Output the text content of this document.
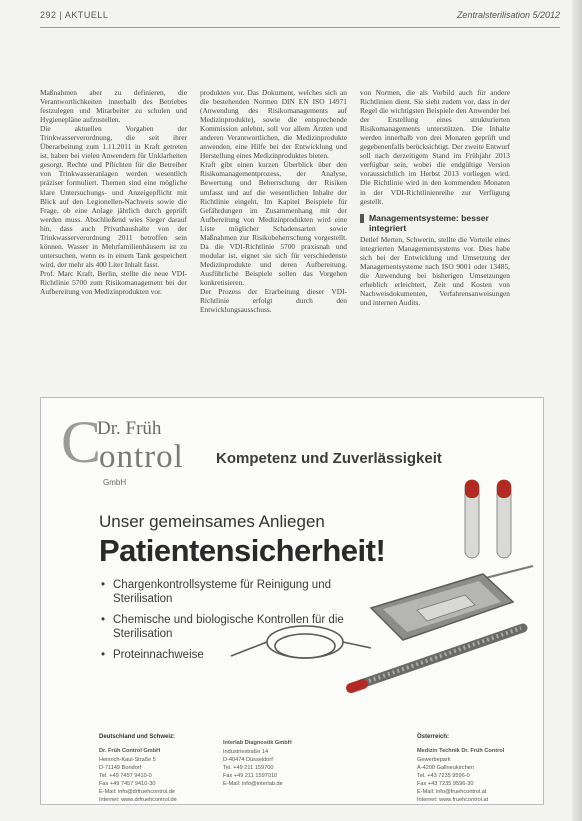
292 | AKTUELL	Zentralsterilisation 5/2012

Maßnahmen aber zu definieren, die Verantwortlichkeiten innerhalb des Betriebes festzulegen und Mitarbeiter zu schulen und Hygienepläne aufzustellen.

Die aktuellen Vorgaben der Trinkwasserverordnung, die seit ihrer Überarbeitung zum 1.11.2011 in Kraft getreten ist, haben bei vielen Anwendern für Unklarheiten gesorgt. Rechte und Pflichten für die Betreiber von Trinkwasseranlagen werden wesentlich präziser formuliert. Themen sind eine mögliche klare Untersuchungs- und Anzeigepflicht mit Blick auf den Legionellen-Nachweis sowie die Frage, ob eine Anlage jährlich durch geprüft werden muss. Abschließend wies Sieger darauf hin, dass auch Privathaushalte von der Trinkwasserverordnung 2011 betroffen sein können. Wasser in Mehrfamilienhäusern ist zu untersuchen, wenn es in einem Tank gespeichert wird, der mehr als 400 Liter Inhalt fasst.

Prof. Marc Kraft, Berlin, stellte die neue VDI-Richtlinie 5700 zum Risikomanagement bei der Aufbereitung von Medizinprodukten vor.

produkten vor. Das Dokument, welches sich an die bestehenden Normen DIN EN ISO 14971 (Anwendung des Risikomanagements auf Medizinprodukte), sowie die entsprechende Kommission anlehnt, soll vor allem Ärzten und anderen Verantwortlichen, die Medizinprodukte anwenden, eine Hilfe bei der Entwicklung und Herstellung eines Medizinproduktes bieten.

Kraft gibt einen kurzen Überblick über den Risikomanagementprozess, der Analyse, Bewertung und Beherrschung der Risiken umfasst und auf die wesentlichen Inhalte der Richtlinie eingeht. Im Kapitel Beispiele für Gefährdungen im Zusammenhang mit der Aufbereitung von Medizinprodukten wird eine Liste möglicher Schadensarten sowie Maßnahmen zur Risikobeherrschung vorgestellt. Da die VDI-Richtlinie 5700 praxisnah und modular ist, eignet sie sich für verschiedenste Medizinprodukte und deren Aufbereitung. Ausführliche Beispiele sollen das Vorgehen konkretisieren.

Der Prozess der Erarbeitung dieser VDI-Richtlinie erfolgt durch den Entwicklungsausschuss.

von Normen, die als Vorbild auch für andere Richtlinien dient. Sie sieht zudem vor, dass in der Regel die wichtigsten Beispiele den Anwender bei der Erstellung eines strukturierten Risikomanagements unterstützen. Die Inhalte werden innerhalb von drei Monaten geprüft und gegebenenfalls berücksichtigt. Der zweite Entwurf soll nach derzeitigem Stand im Frühjahr 2013 verfügbar sein, wobei die endgültige Version voraussichtlich im Herbst 2013 vorliegen wird. Die Richtlinie wird in den kommenden Monaten in der VDI-Richtlinienreihe zur Verfügung gestellt.

Managementsysteme: besser integriert

Detlef Merten, Schwerin, stellte die Vorteile eines integrierten Managementsystems vor. Dies habe sich bei der Entwicklung und Umsetzung der Managementsysteme nach ISO 9001 oder 13485, die Anwendung bei bisherigen Umsetzungen erheblich erleichtert, Zeit und Kosten von Nachweisdokumenten, Verfahrensanweisungen und internen Audits.

C
Dr. Früh
ontrol
GmbH
Kompetenz und Zuverlässigkeit
Unser gemeinsames Anliegen
Patientensicherheit!
• Chargenkontrollsysteme für Reinigung und Sterilisation
• Chemische und biologische Kontrollen für die Sterilisation
• Proteinnachweise
Deutschland und Schweiz:
Dr. Früh Control GmbH
Heinrich-Kaul-Straße 5
D-71149 Bondorf
Tel. +49 7457 9410-0
Fax +49 7457 9410-30
E-Mail: info@drfruehcontrol.de
Internet: www.drfruehcontrol.de
Interlab Diagnostik GmbH
Industriestraße 14
D-40474 Düsseldorf
Tel. +49 211 159700
Fax +49 211 1597010
E-Mail: info@interlab.de
Österreich:
Medizin Technik Dr. Früh Control
Gewerbepark
A-4200 Gallneukirchen
Tel. +43 7235 9596-0
Fax +43 7235 9596-30
E-Mail: info@fruehcontrol.at
Internet: www.fruehcontrol.at
